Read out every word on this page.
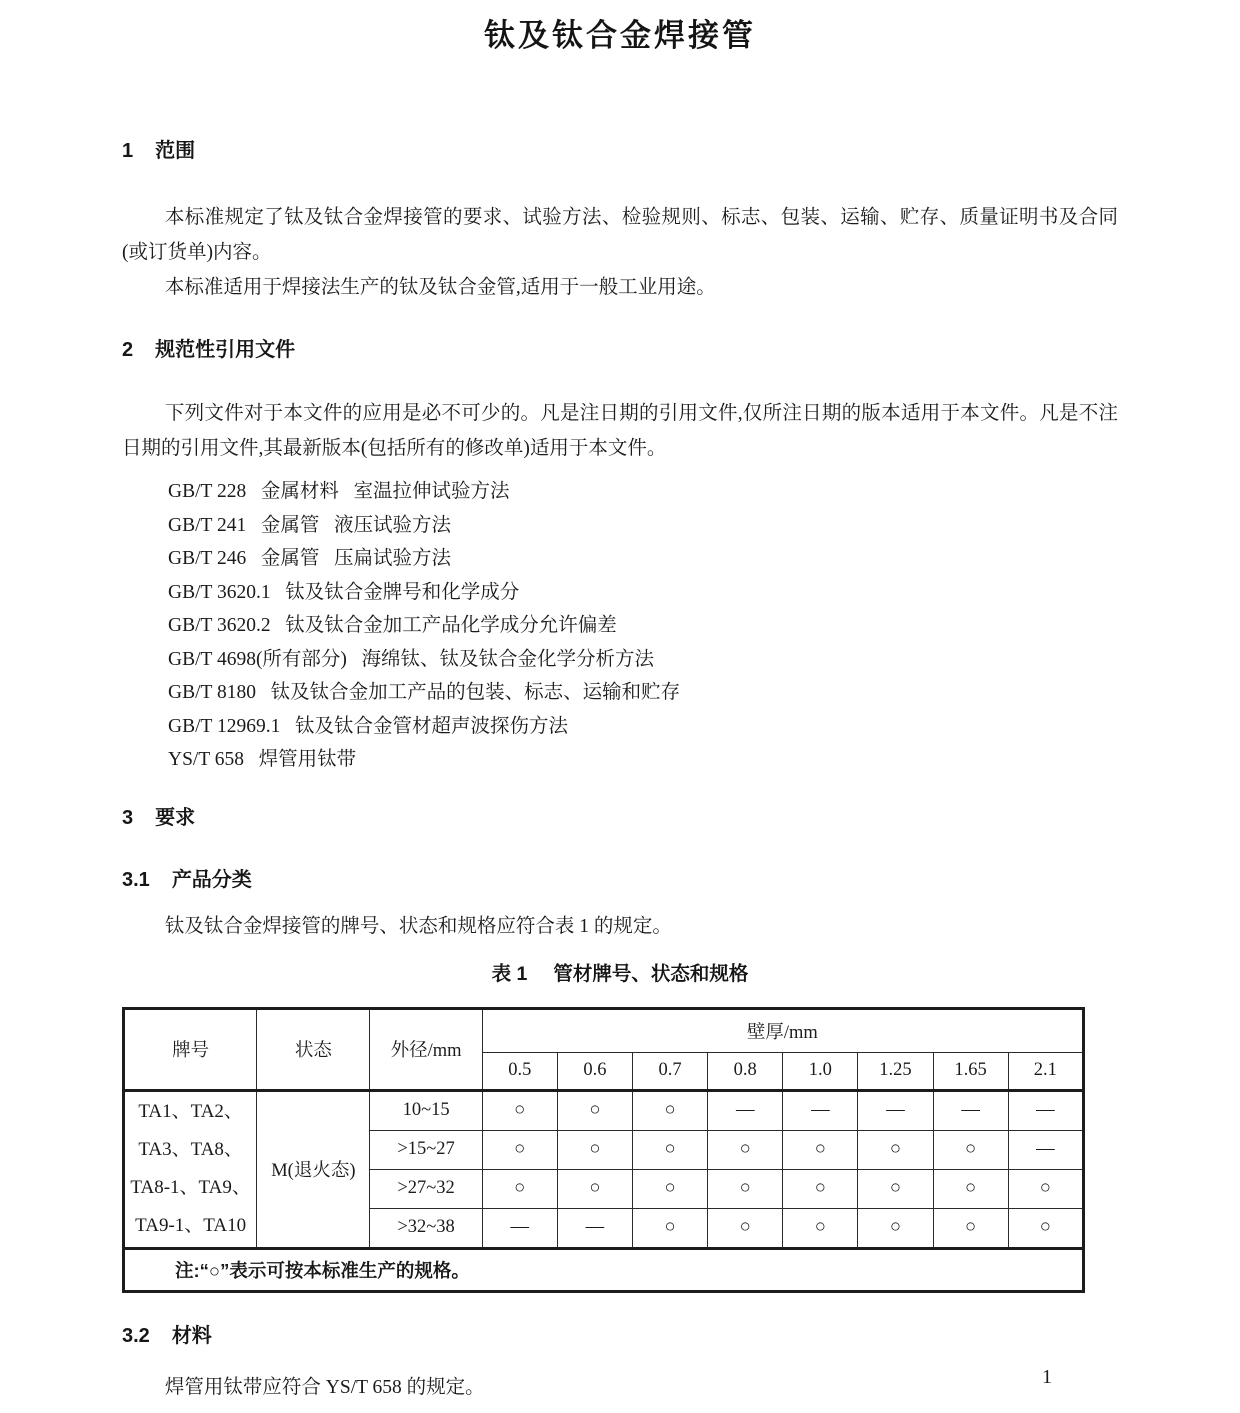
钛及钛合金焊接管
1 范围

本标准规定了钛及钛合金焊接管的要求、试验方法、检验规则、标志、包装、运输、贮存、质量证明书及合同(或订货单)内容。

本标准适用于焊接法生产的钛及钛合金管,适用于一般工业用途。

2 规范性引用文件

下列文件对于本文件的应用是必不可少的。凡是注日期的引用文件,仅所注日期的版本适用于本文件。凡是不注日期的引用文件,其最新版本(包括所有的修改单)适用于本文件。

GB/T 228   金属材料   室温拉伸试验方法
GB/T 241   金属管   液压试验方法
GB/T 246   金属管   压扁试验方法
GB/T 3620.1   钛及钛合金牌号和化学成分
GB/T 3620.2   钛及钛合金加工产品化学成分允许偏差
GB/T 4698(所有部分)   海绵钛、钛及钛合金化学分析方法
GB/T 8180   钛及钛合金加工产品的包装、标志、运输和贮存
GB/T 12969.1   钛及钛合金管材超声波探伤方法
YS/T 658   焊管用钛带
3 要求
3.1 产品分类

钛及钛合金焊接管的牌号、状态和规格应符合表 1 的规定。

表 1 管材牌号、状态和规格
牌号	状态	外径/mm	壁厚/mm							
			0.5	0.6	0.7	0.8	1.0	1.25	1.65	2.1

TA1、TA2、
TA3、TA8、
TA8-1、TA9、
TA9-1、TA10	M(退火态)	10~15	○	○	○	—	—	—	—	—
		>15~27	○	○	○	○	○	○	○	—
		>27~32	○	○	○	○	○	○	○	○
		>32~38	—	—	○	○	○	○	○	○
注:“○”表示可按本标准生产的规格。										
3.2 材料

焊管用钛带应符合 YS/T 658 的规定。	1
